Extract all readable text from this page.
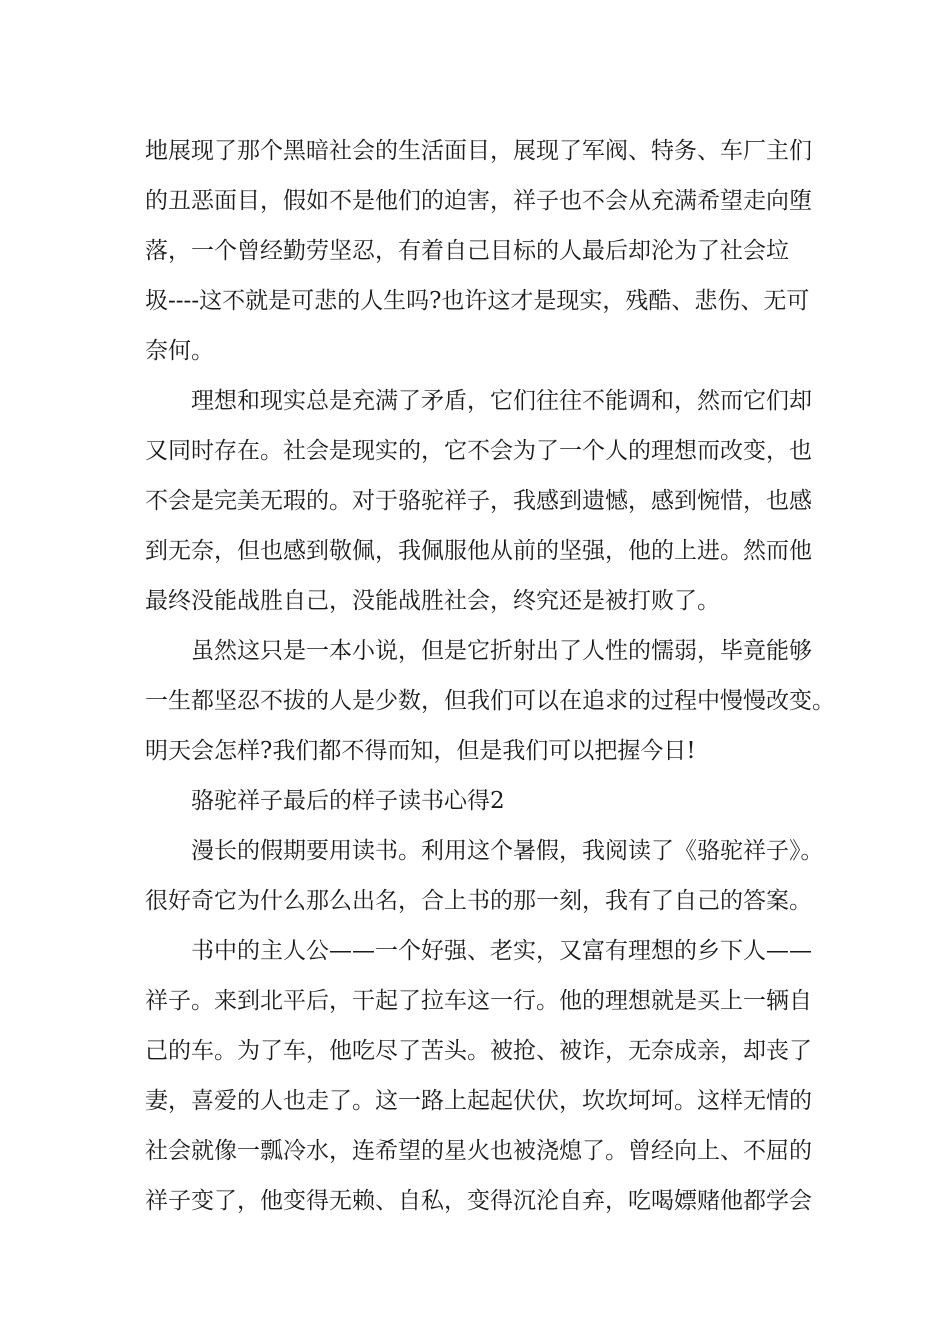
地展现了那个黑暗社会的生活面目，展现了军阀、特务、车厂主们
的丑恶面目，假如不是他们的迫害，祥子也不会从充满希望走向堕
落，一个曾经勤劳坚忍，有着自己目标的人最后却沦为了社会垃
圾----这不就是可悲的人生吗?也许这才是现实，残酷、悲伤、无可
奈何。
理想和现实总是充满了矛盾，它们往往不能调和，然而它们却
又同时存在。社会是现实的，它不会为了一个人的理想而改变，也
不会是完美无瑕的。对于骆驼祥子，我感到遗憾，感到惋惜，也感
到无奈，但也感到敬佩，我佩服他从前的坚强，他的上进。然而他
最终没能战胜自己，没能战胜社会，终究还是被打败了。
虽然这只是一本小说，但是它折射出了人性的懦弱，毕竟能够
一生都坚忍不拔的人是少数，但我们可以在追求的过程中慢慢改变。
明天会怎样?我们都不得而知，但是我们可以把握今日!
骆驼祥子最后的样子读书心得2
漫长的假期要用读书。利用这个暑假，我阅读了《骆驼祥子》。
很好奇它为什么那么出名，合上书的那一刻，我有了自己的答案。
书中的主人公——一个好强、老实，又富有理想的乡下人——
祥子。来到北平后，干起了拉车这一行。他的理想就是买上一辆自
己的车。为了车，他吃尽了苦头。被抢、被诈，无奈成亲，却丧了
妻，喜爱的人也走了。这一路上起起伏伏，坎坎坷坷。这样无情的
社会就像一瓢冷水，连希望的星火也被浇熄了。曾经向上、不屈的
祥子变了，他变得无赖、自私，变得沉沦自弃，吃喝嫖赌他都学会
